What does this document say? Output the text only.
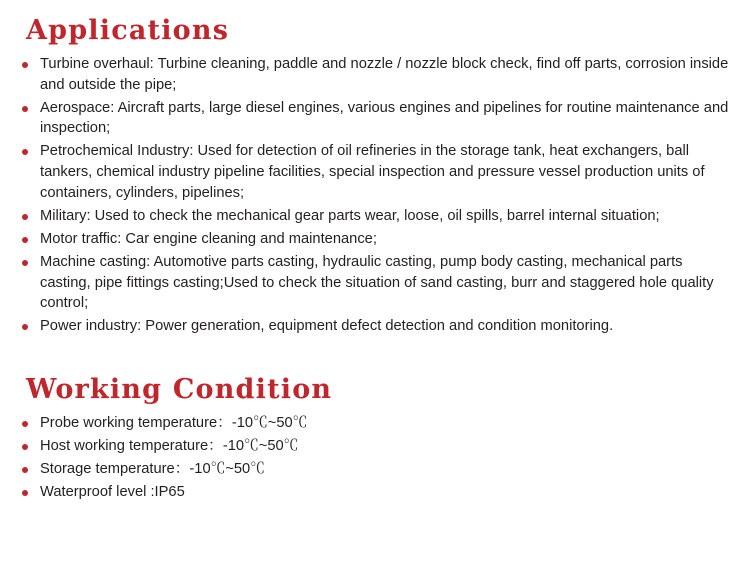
Applications
Turbine overhaul: Turbine cleaning, paddle and nozzle / nozzle block check, find off parts, corrosion inside and outside the pipe;
Aerospace: Aircraft parts, large diesel engines, various engines and pipelines for routine maintenance and inspection;
Petrochemical Industry: Used for detection of oil refineries in the storage tank, heat exchangers, ball tankers, chemical industry pipeline facilities, special inspection and pressure vessel production units of containers, cylinders, pipelines;
Military: Used to check the mechanical gear parts wear, loose, oil spills, barrel internal situation;
Motor traffic: Car engine cleaning and maintenance;
Machine casting: Automotive parts casting, hydraulic casting, pump body casting, mechanical parts casting, pipe fittings casting;Used to check the situation of sand casting, burr and staggered hole quality control;
Power industry: Power generation, equipment defect detection and condition monitoring.
Working Condition
Probe working temperature：-10℃~50℃
Host working temperature：-10℃~50℃
Storage temperature：-10℃~50℃
Waterproof level :IP65
